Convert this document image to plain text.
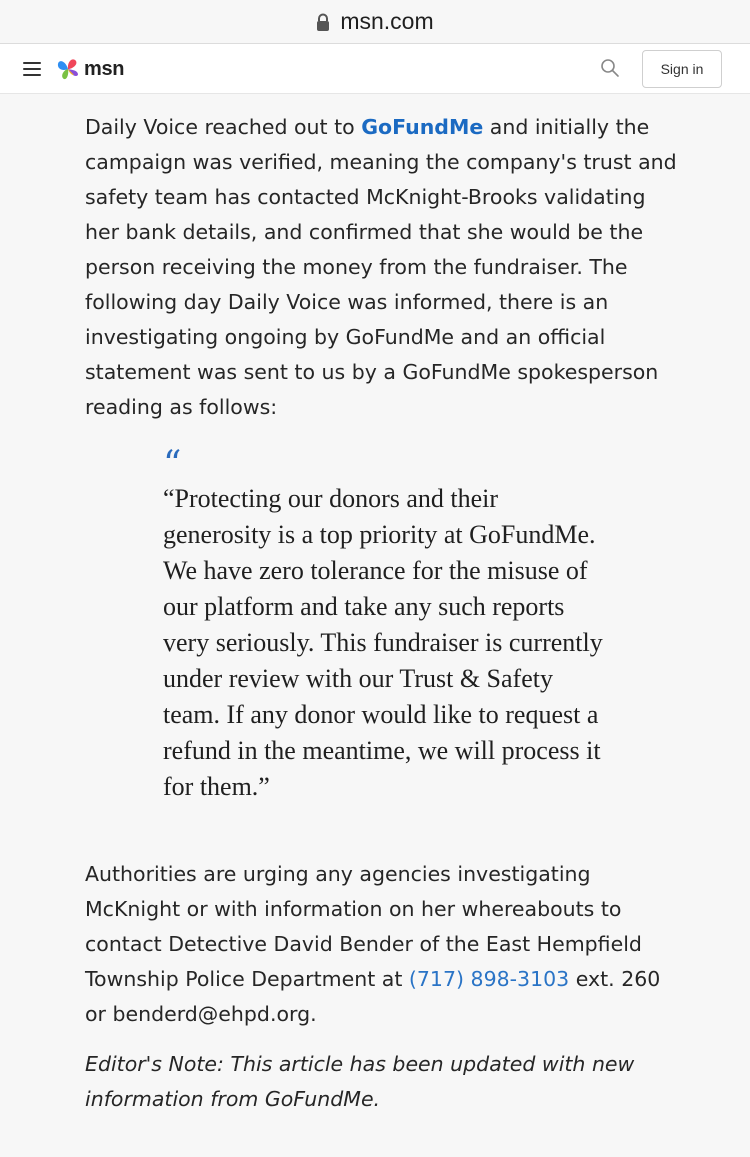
msn.com
msn	Sign in

Daily Voice reached out to GoFundMe and initially the campaign was verified, meaning the company's trust and safety team has contacted McKnight-Brooks validating her bank details, and confirmed that she would be the person receiving the money from the fundraiser. The following day Daily Voice was informed, there is an investigating ongoing by GoFundMe and an official statement was sent to us by a GoFundMe spokesperson reading as follows:

“

“Protecting our donors and their generosity is a top priority at GoFundMe. We have zero tolerance for the misuse of our platform and take any such reports very seriously. This fundraiser is currently under review with our Trust & Safety team. If any donor would like to request a refund in the meantime, we will process it for them.”

Authorities are urging any agencies investigating McKnight or with information on her whereabouts to contact Detective David Bender of the East Hempfield Township Police Department at (717) 898-3103 ext. 260 or benderd@ehpd.org.

Editor's Note: This article has been updated with new information from GoFundMe.
